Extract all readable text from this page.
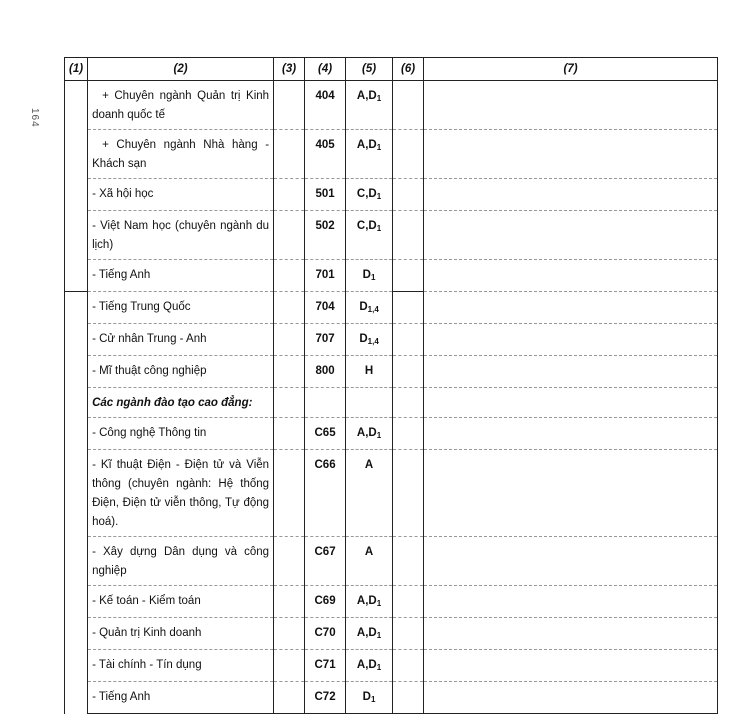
164
(1)	(2)	(3)	(4)	(5)	(6)	(7)
	+ Chuyên ngành Quản trị Kinh doanh quốc tế		404	$A,D_1$		
	+ Chuyên ngành Nhà hàng - Khách sạn		405	$A,D_1$		
	- Xã hội học		501	$C,D_1$		
	- Việt Nam học (chuyên ngành du lịch)		502	$C,D_1$		
	- Tiếng Anh		701	$D_1$		
	- Tiếng Trung Quốc		704	$D_{1,4}$		
	- Cử nhân Trung - Anh		707	$D_{1,4}$		
	- Mĩ thuật công nghiệp		800	H		
	Các ngành đào tạo cao đẳng:					
	- Công nghệ Thông tin		C65	$A,D_1$		
	- Kĩ thuật Điện - Điện tử và Viễn thông (chuyên ngành: Hệ thống Điện, Điện tử viễn thông, Tự động hoá).		C66	A		
	- Xây dựng Dân dụng và công nghiệp		C67	A		
	- Kế toán - Kiểm toán		C69	$A,D_1$		
	- Quản trị Kinh doanh		C70	$A,D_1$		
	- Tài chính - Tín dụng		C71	$A,D_1$		
	- Tiếng Anh		C72	$D_1$		
